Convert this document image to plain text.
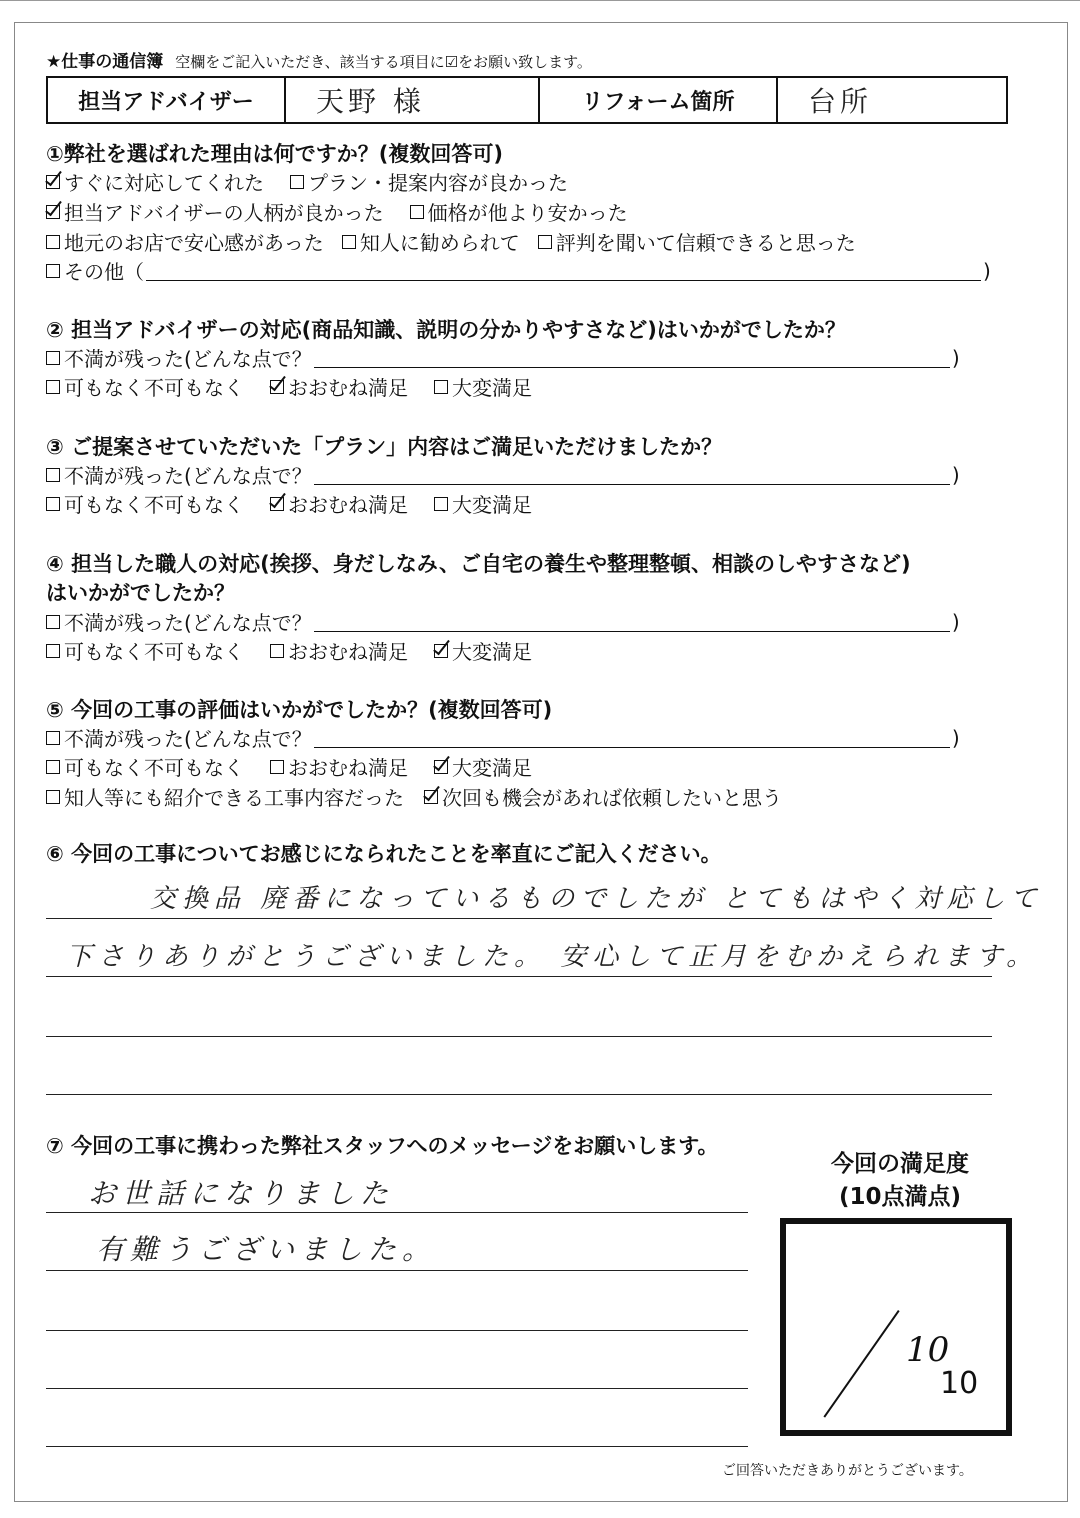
★仕事の通信簿 空欄をご記入いただき、該当する項目に☑をお願い致します。
担当アドバイザー	天野 様	リフォーム箇所	台所
①弊社を選ばれた理由は何ですか？(複数回答可)
すぐに対応してくれた プラン・提案内容が良かった
担当アドバイザーの人柄が良かった 価格が他より安かった
地元のお店で安心感があった 知人に勧められて 評判を聞いて信頼できると思った
その他（	)
② 担当アドバイザーの対応(商品知識、説明の分かりやすさなど)はいかがでしたか？
不満が残った(どんな点で？	)
可もなく不可もなく おおむね満足 大変満足
③ ご提案させていただいた「プラン」内容はご満足いただけましたか？
不満が残った(どんな点で？	)
可もなく不可もなく おおむね満足 大変満足
④ 担当した職人の対応(挨拶、身だしなみ、ご自宅の養生や整理整頓、相談のしやすさなど)
はいかがでしたか？
不満が残った(どんな点で？	)
可もなく不可もなく おおむね満足 大変満足
⑤ 今回の工事の評価はいかがでしたか？(複数回答可)
不満が残った(どんな点で？	)
可もなく不可もなく おおむね満足 大変満足
知人等にも紹介できる工事内容だった 次回も機会があれば依頼したいと思う
⑥ 今回の工事についてお感じになられたことを率直にご記入ください。
交換品 廃番になっているものでしたが とてもはやく対応して
下さりありがとうございました。 安心して正月をむかえられます。
⑦ 今回の工事に携わった弊社スタッフへのメッセージをお願いします。
お世話になりました
有難うございました。
今回の満足度
(10点満点)
10
10
ご回答いただきありがとうございます。
